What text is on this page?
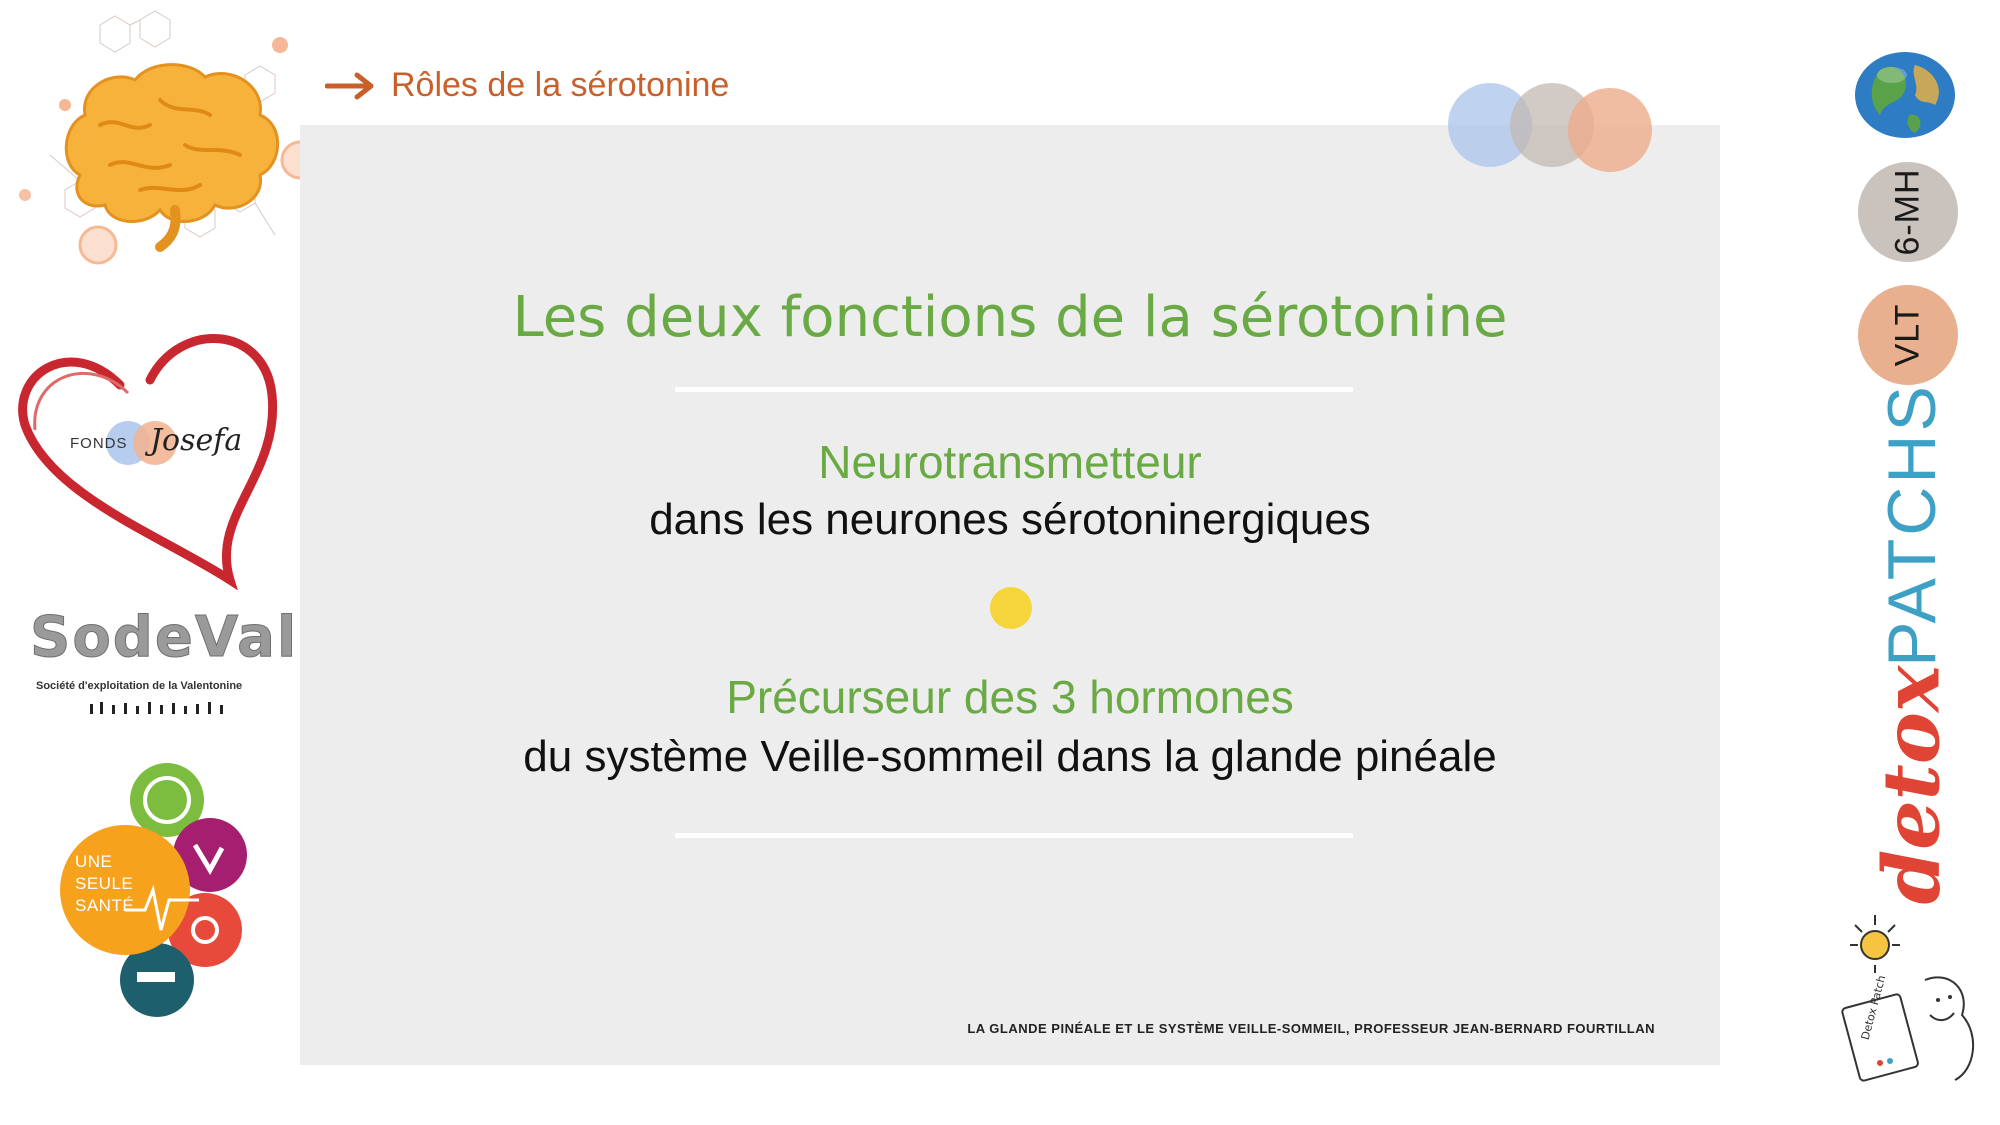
FONDS Josefa
SodeVal
Société d'exploitation de la Valentonine
UNE
SEULE
SANTÉ
Rôles de la sérotonine
Les deux fonctions de la sérotonine
Neurotransmetteur
dans les neurones sérotoninergiques
Précurseur des 3 hormones
du système Veille-sommeil dans la glande pinéale
LA GLANDE PINÉALE ET LE SYSTÈME VEILLE-SOMMEIL, PROFESSEUR JEAN-BERNARD FOURTILLAN
6-MH
VLT
PATCHS
detox
Detox Patch
